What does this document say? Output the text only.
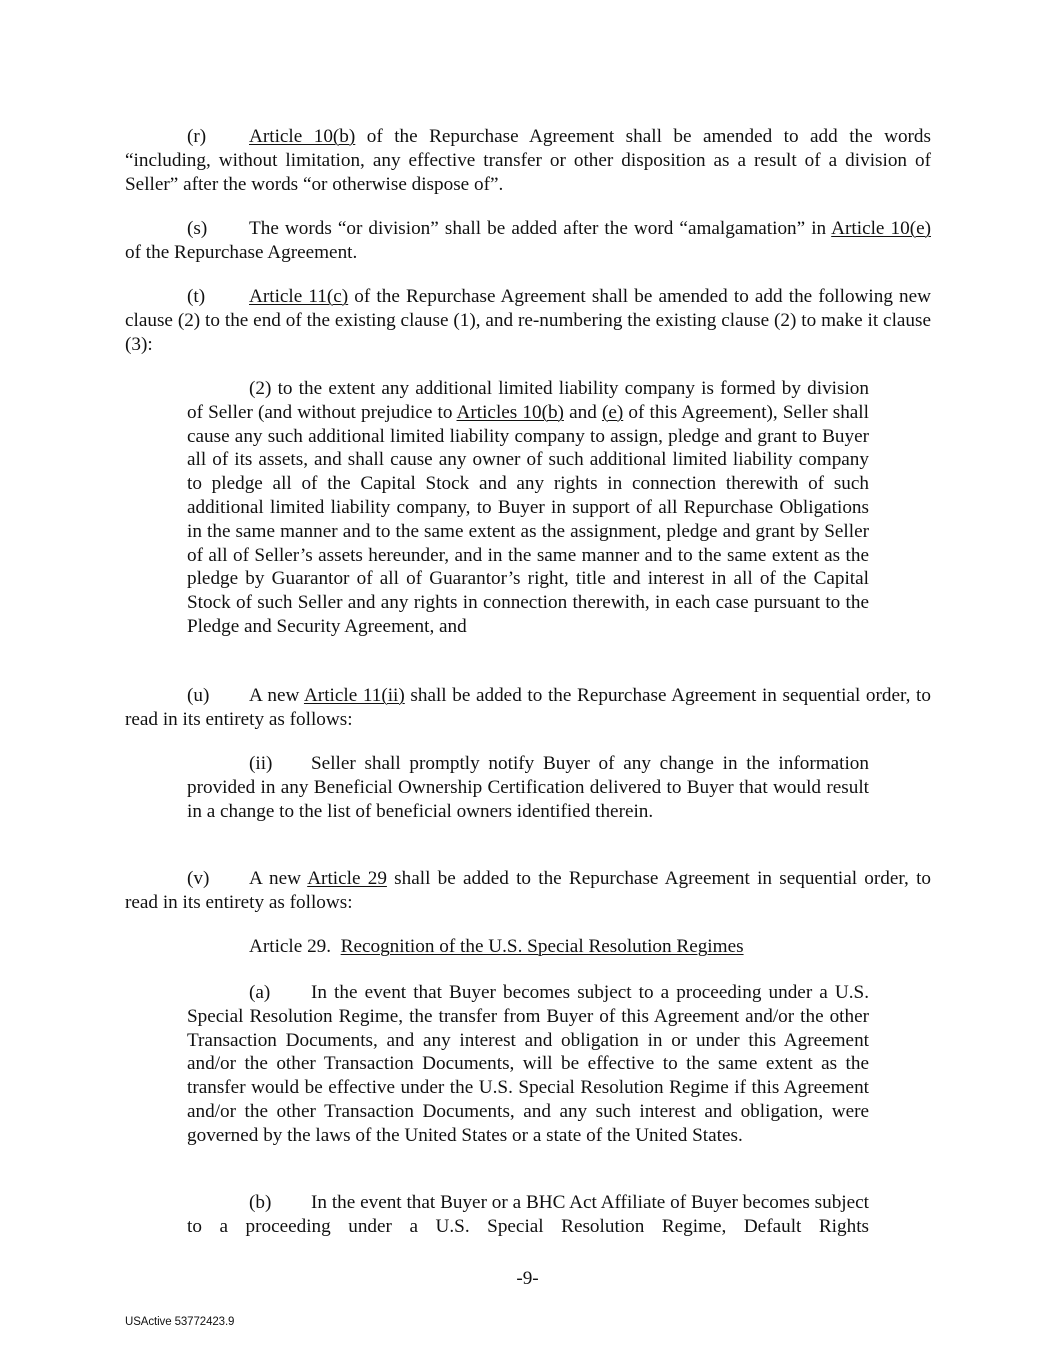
(r) Article 10(b) of the Repurchase Agreement shall be amended to add the words “including, without limitation, any effective transfer or other disposition as a result of a division of Seller” after the words “or otherwise dispose of”.

(s) The words “or division” shall be added after the word “amalgamation” in Article 10(e) of the Repurchase Agreement.

(t) Article 11(c) of the Repurchase Agreement shall be amended to add the following new clause (2) to the end of the existing clause (1), and re-numbering the existing clause (2) to make it clause (3):

(2) to the extent any additional limited liability company is formed by division of Seller (and without prejudice to Articles 10(b) and (e) of this Agreement), Seller shall cause any such additional limited liability company to assign, pledge and grant to Buyer all of its assets, and shall cause any owner of such additional limited liability company to pledge all of the Capital Stock and any rights in connection therewith of such additional limited liability company, to Buyer in support of all Repurchase Obligations in the same manner and to the same extent as the assignment, pledge and grant by Seller of all of Seller’s assets hereunder, and in the same manner and to the same extent as the pledge by Guarantor of all of Guarantor’s right, title and interest in all of the Capital Stock of such Seller and any rights in connection therewith, in each case pursuant to the Pledge and Security Agreement, and

(u) A new Article 11(ii) shall be added to the Repurchase Agreement in sequential order, to read in its entirety as follows:

(ii) Seller shall promptly notify Buyer of any change in the information provided in any Beneficial Ownership Certification delivered to Buyer that would result in a change to the list of beneficial owners identified therein.

(v) A new Article 29 shall be added to the Repurchase Agreement in sequential order, to read in its entirety as follows:

Article 29.  Recognition of the U.S. Special Resolution Regimes

(a) In the event that Buyer becomes subject to a proceeding under a U.S. Special Resolution Regime, the transfer from Buyer of this Agreement and/or the other Transaction Documents, and any interest and obligation in or under this Agreement and/or the other Transaction Documents, will be effective to the same extent as the transfer would be effective under the U.S. Special Resolution Regime if this Agreement and/or the other Transaction Documents, and any such interest and obligation, were governed by the laws of the United States or a state of the United States.

(b) In the event that Buyer or a BHC Act Affiliate of Buyer becomes subject to a proceeding under a U.S. Special Resolution Regime, Default Rights

-9-
USActive 53772423.9
